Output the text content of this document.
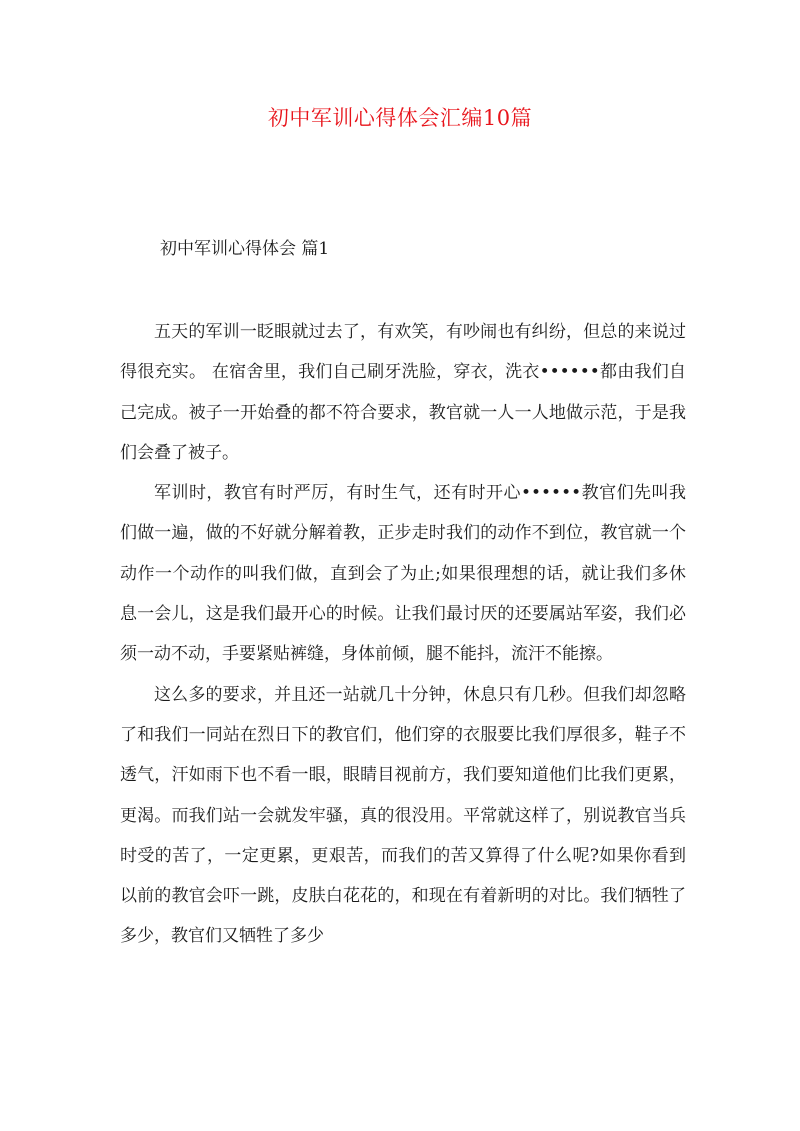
初中军训心得体会汇编10篇
初中军训心得体会 篇1

五天的军训一眨眼就过去了，有欢笑，有吵闹也有纠纷，但总的来说过得很充实。 在宿舍里，我们自己刷牙洗脸，穿衣，洗衣••••••都由我们自己完成。被子一开始叠的都不符合要求，教官就一人一人地做示范，于是我们会叠了被子。

军训时，教官有时严厉，有时生气，还有时开心••••••教官们先叫我们做一遍，做的不好就分解着教，正步走时我们的动作不到位，教官就一个动作一个动作的叫我们做，直到会了为止;如果很理想的话，就让我们多休息一会儿，这是我们最开心的时候。让我们最讨厌的还要属站军姿，我们必须一动不动，手要紧贴裤缝，身体前倾，腿不能抖，流汗不能擦。

这么多的要求，并且还一站就几十分钟，休息只有几秒。但我们却忽略了和我们一同站在烈日下的教官们，他们穿的衣服要比我们厚很多，鞋子不透气，汗如雨下也不看一眼，眼睛目视前方，我们要知道他们比我们更累，更渴。而我们站一会就发牢骚，真的很没用。平常就这样了，别说教官当兵时受的苦了，一定更累，更艰苦，而我们的苦又算得了什么呢?如果你看到以前的教官会吓一跳，皮肤白花花的，和现在有着新明的对比。我们牺牲了多少，教官们又牺牲了多少
